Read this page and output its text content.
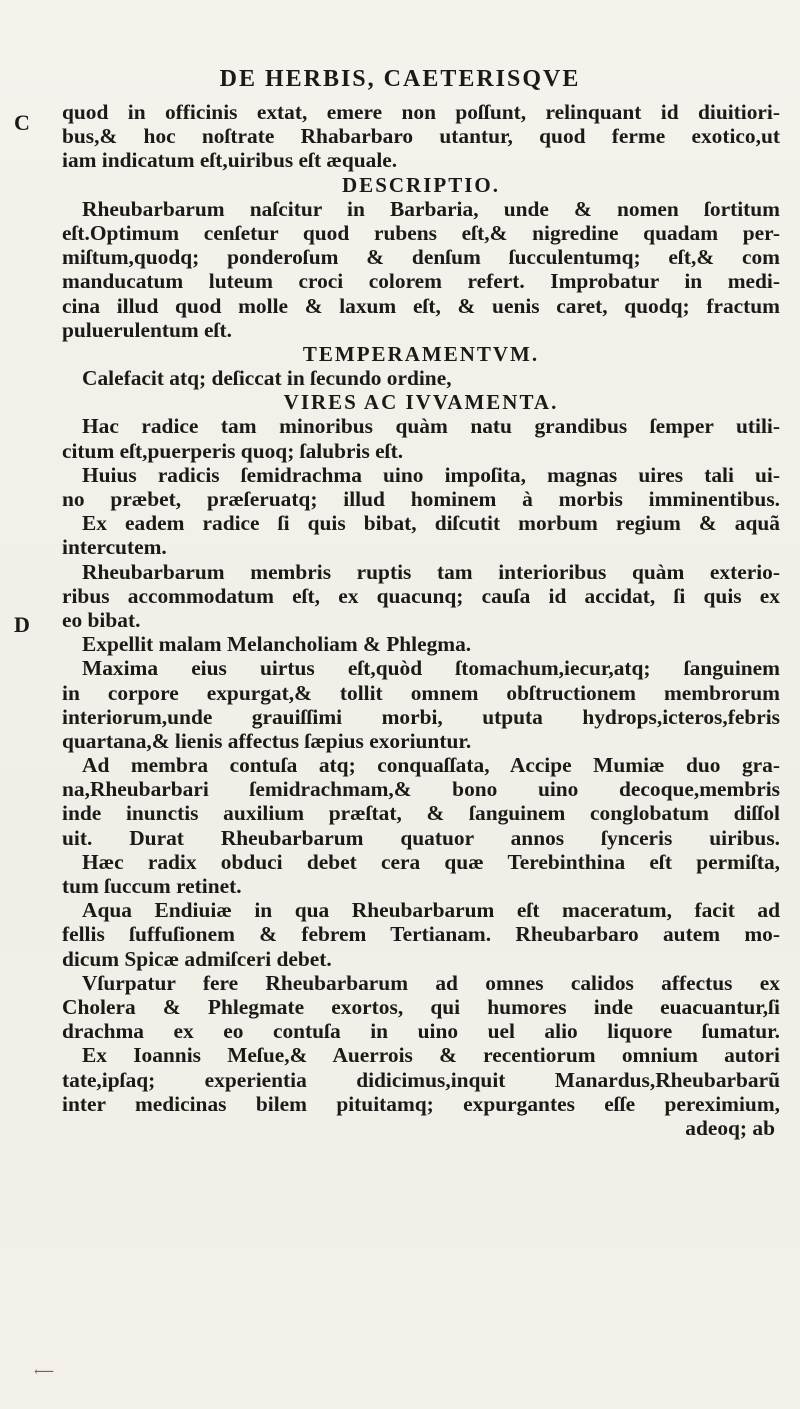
DE HERBIS, CAETERISQVE
C
D
quod in officinis extat, emere non poſſunt, relinquant id diuitiori-
bus,& hoc noſtrate Rhabarbaro utantur, quod ferme exotico,ut
iam indicatum eſt,uiribus eſt æquale.
DESCRIPTIO.
Rheubarbarum naſcitur in Barbaria, unde & nomen ſortitum
eſt.Optimum cenſetur quod rubens eſt,& nigredine quadam per-
miſtum,quodq; ponderoſum & denſum ſucculentumq; eſt,& com
manducatum luteum croci colorem refert. Improbatur in medi-
cina illud quod molle & laxum eſt, & uenis caret, quodq; fractum
puluerulentum eſt.
TEMPERAMENTVM.
Calefacit atq; deſiccat in ſecundo ordine,
VIRES AC IVVAMENTA.
Hac radice tam minoribus quàm natu grandibus ſemper utili-
citum eſt,puerperis quoq; ſalubris eſt.
Huius radicis ſemidrachma uino impoſita, magnas uires tali ui-
no præbet, præſeruatq; illud hominem à morbis imminentibus.
Ex eadem radice ſi quis bibat, diſcutit morbum regium & aquã
intercutem.
Rheubarbarum membris ruptis tam interioribus quàm exterio-
ribus accommodatum eſt, ex quacunq; cauſa id accidat, ſi quis ex
eo bibat.
Expellit malam Melancholiam & Phlegma.
Maxima eius uirtus eſt,quòd ſtomachum,iecur,atq; ſanguinem
in corpore expurgat,& tollit omnem obſtructionem membrorum
interiorum,unde grauiſſimi morbi, utputa hydrops,icteros,febris
quartana,& lienis affectus ſæpius exoriuntur.
Ad membra contuſa atq; conquaſſata, Accipe Mumiæ duo gra-
na,Rheubarbari ſemidrachmam,& bono uino decoque,membris
inde inunctis auxilium præſtat, & ſanguinem conglobatum diſſol
uit. Durat Rheubarbarum quatuor annos ſynceris uiribus.
Hæc radix obduci debet cera quæ Terebinthina eſt permiſta,
tum ſuccum retinet.
Aqua Endiuiæ in qua Rheubarbarum eſt maceratum, facit ad
fellis ſuffuſionem & febrem Tertianam. Rheubarbaro autem mo-
dicum Spicæ admiſceri debet.
Vſurpatur fere Rheubarbarum ad omnes calidos affectus ex
Cholera & Phlegmate exortos, qui humores inde euacuantur,ſi
drachma ex eo contuſa in uino uel alio liquore ſumatur.
Ex Ioannis Meſue,& Auerrois & recentiorum omnium autori
tate,ipſaq; experientia didicimus,inquit Manardus,Rheubarbarũ
inter medicinas bilem pituitamq; expurgantes eſſe pereximium,
adeoq; ab
⟵
